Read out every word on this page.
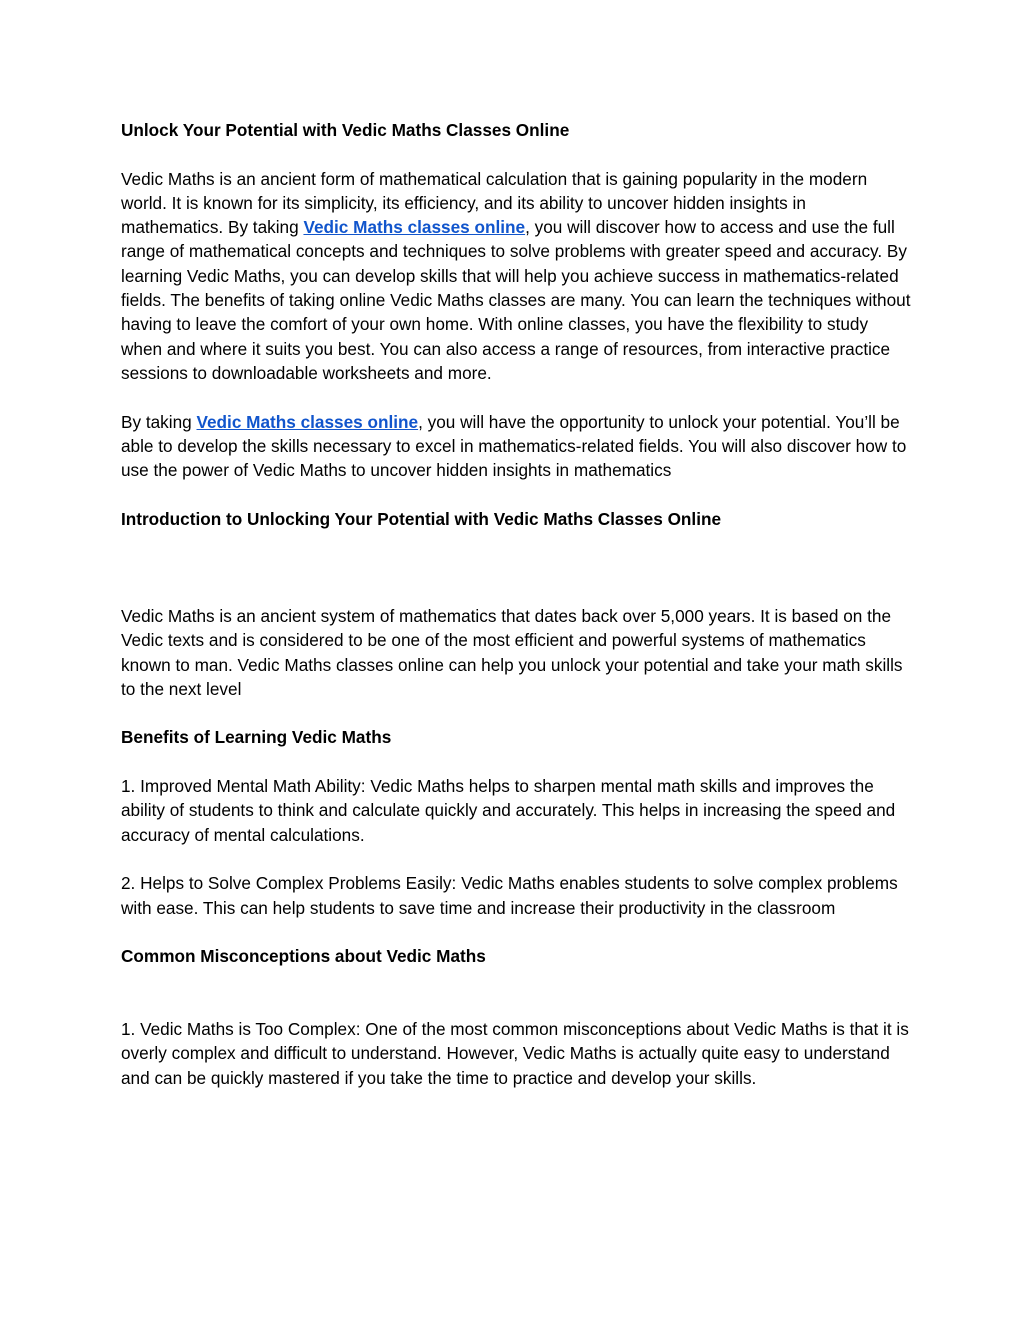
Unlock Your Potential with Vedic Maths Classes Online

Vedic Maths is an ancient form of mathematical calculation that is gaining popularity in the modern world. It is known for its simplicity, its efficiency, and its ability to uncover hidden insights in mathematics. By taking Vedic Maths classes online, you will discover how to access and use the full range of mathematical concepts and techniques to solve problems with greater speed and accuracy. By learning Vedic Maths, you can develop skills that will help you achieve success in mathematics-related fields. The benefits of taking online Vedic Maths classes are many. You can learn the techniques without having to leave the comfort of your own home. With online classes, you have the flexibility to study when and where it suits you best. You can also access a range of resources, from interactive practice sessions to downloadable worksheets and more.

By taking Vedic Maths classes online, you will have the opportunity to unlock your potential. You’ll be able to develop the skills necessary to excel in mathematics-related fields. You will also discover how to use the power of Vedic Maths to uncover hidden insights in mathematics

Introduction to Unlocking Your Potential with Vedic Maths Classes Online

Vedic Maths is an ancient system of mathematics that dates back over 5,000 years. It is based on the Vedic texts and is considered to be one of the most efficient and powerful systems of mathematics known to man. Vedic Maths classes online can help you unlock your potential and take your math skills to the next level

Benefits of Learning Vedic Maths

1. Improved Mental Math Ability: Vedic Maths helps to sharpen mental math skills and improves the ability of students to think and calculate quickly and accurately. This helps in increasing the speed and accuracy of mental calculations.

2. Helps to Solve Complex Problems Easily: Vedic Maths enables students to solve complex problems with ease. This can help students to save time and increase their productivity in the classroom

Common Misconceptions about Vedic Maths

1. Vedic Maths is Too Complex: One of the most common misconceptions about Vedic Maths is that it is overly complex and difficult to understand. However, Vedic Maths is actually quite easy to understand and can be quickly mastered if you take the time to practice and develop your skills.
